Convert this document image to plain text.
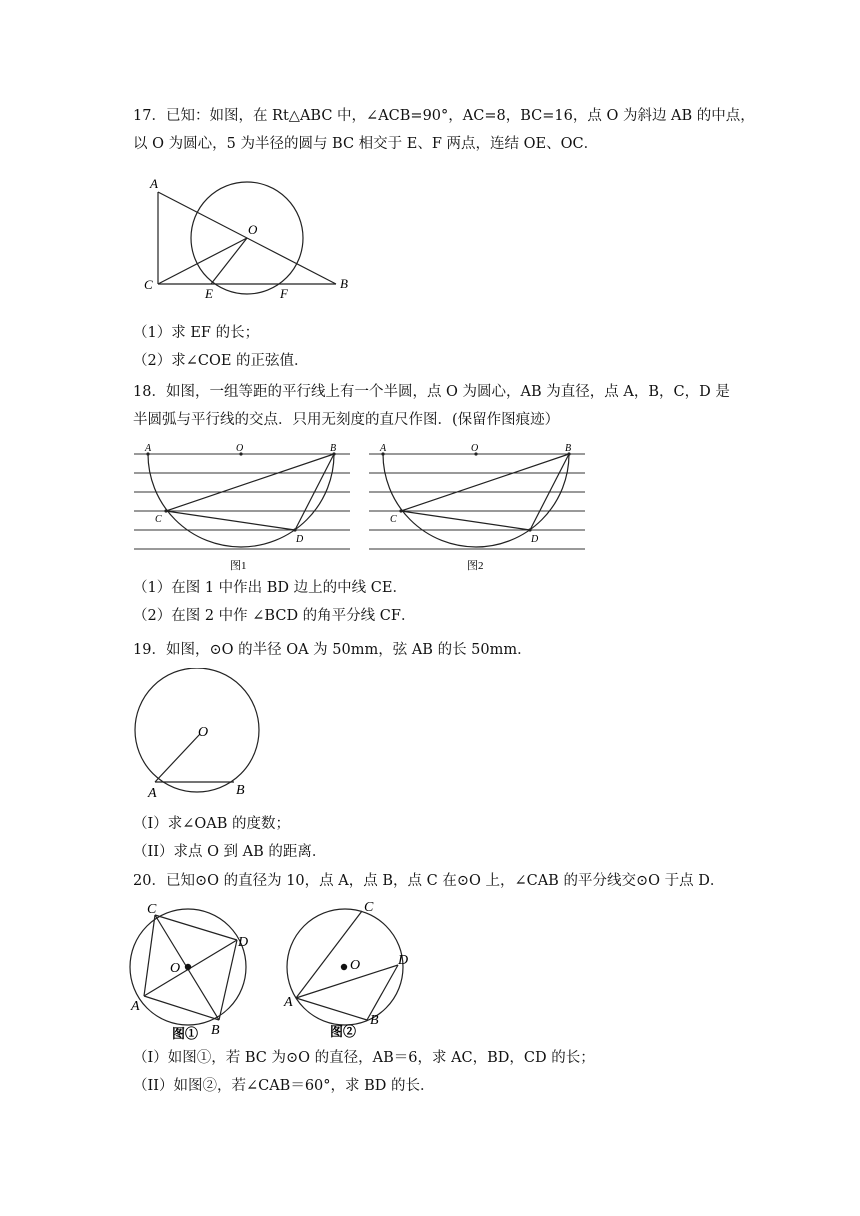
17．已知：如图，在 Rt△ABC 中，∠ACB=90°，AC=8，BC=16，点 O 为斜边 AB 的中点，
以 O 为圆心，5 为半径的圆与 BC 相交于 E、F 两点，连结 OE、OC．
A
C
O
E	F
B
（1）求 EF 的长；
（2）求∠COE 的正弦值．
18．如图，一组等距的平行线上有一个半圆，点 O 为圆心，AB 为直径，点 A，B，C，D 是
半圆弧与平行线的交点．只用无刻度的直尺作图．(保留作图痕迹）
A	O	B
C
D
图1
A	O	B
C
D
图2
（1）在图 1 中作出 BD 边上的中线 CE．
（2）在图 2 中作 ∠BCD 的角平分线 CF．
19．如图，⊙O 的半径 OA 为 50mm，弦 AB 的长 50mm．
O
A	B
（I）求∠OAB 的度数；
（II）求点 O 到 AB 的距离．
20．已知⊙O 的直径为 10，点 A，点 B，点 C 在⊙O 上，∠CAB 的平分线交⊙O 于点 D．
C
D
O
A
B
图①
C
D
O
A
B
图②
（I）如图①，若 BC 为⊙O 的直径，AB＝6，求 AC，BD，CD 的长；
（II）如图②，若∠CAB＝60°，求 BD 的长．
